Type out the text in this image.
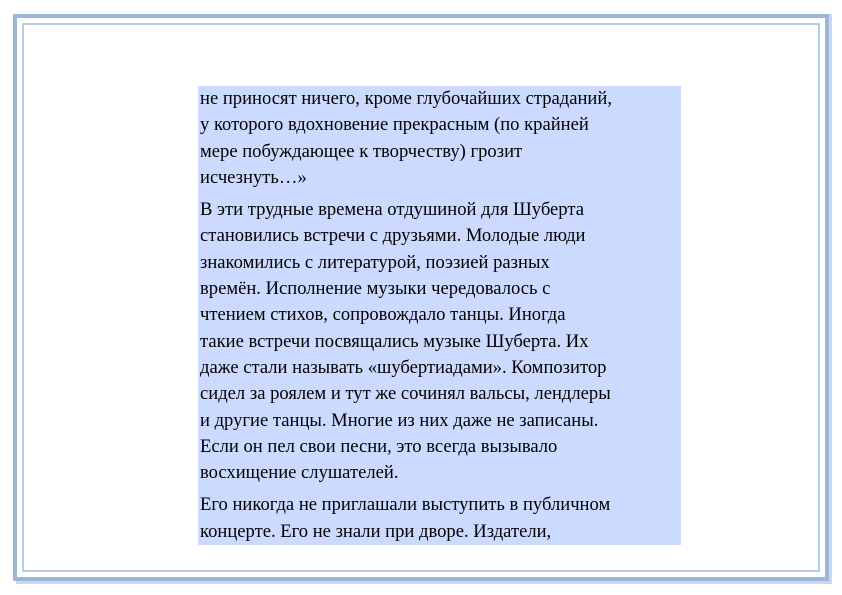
не приносят ничего, кроме глубочайших страданий,
у которого вдохновение прекрасным (по крайней
мере побуждающее к творчеству) грозит
исчезнуть…»

В эти трудные времена отдушиной для Шуберта
становились встречи с друзьями. Молодые люди
знакомились с литературой, поэзией разных
времён. Исполнение музыки чередовалось с
чтением стихов, сопровождало танцы. Иногда
такие встречи посвящались музыке Шуберта. Их
даже стали называть «шубертиадами». Композитор
сидел за роялем и тут же сочинял вальсы, лендлеры
и другие танцы. Многие из них даже не записаны.
Если он пел свои песни, это всегда вызывало
восхищение слушателей.

Его никогда не приглашали выступить в публичном
концерте. Его не знали при дворе. Издатели,
